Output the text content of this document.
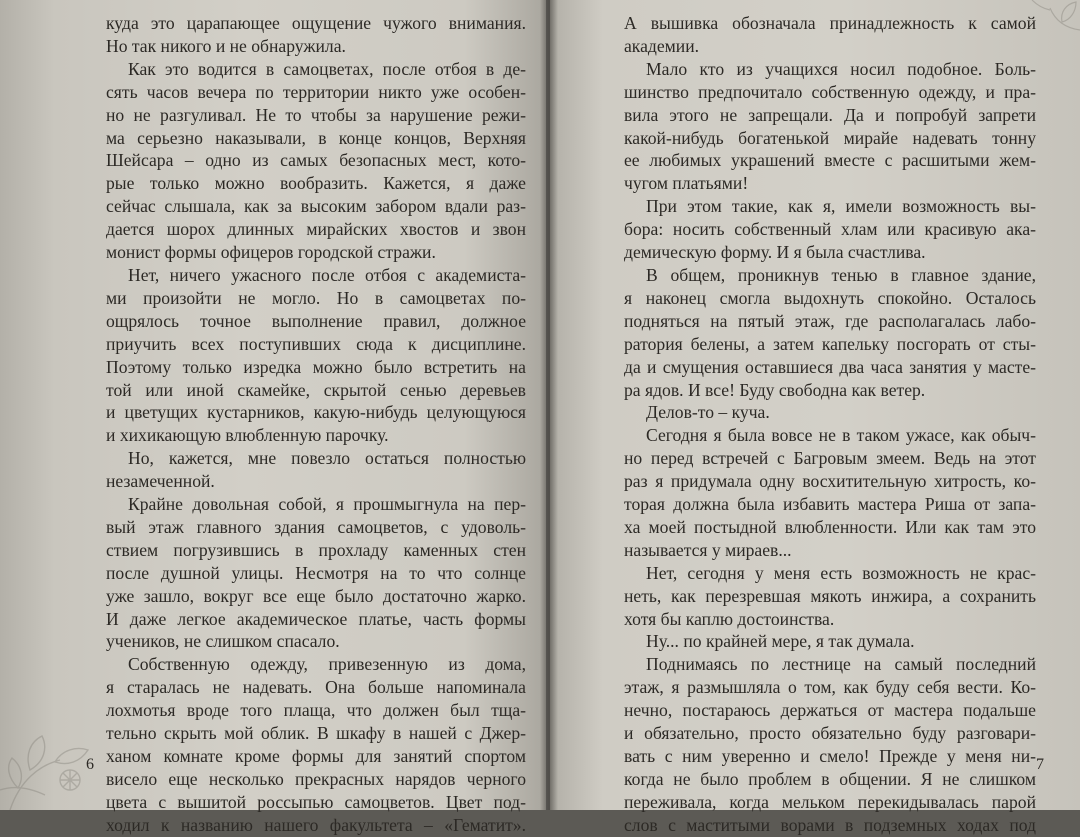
куда это царапающее ощущение чужого внимания.
Но так никого и не обнаружила.
Как это водится в самоцветах, после отбоя в де-
сять часов вечера по территории никто уже особен-
но не разгуливал. Не то чтобы за нарушение режи-
ма серьезно наказывали, в конце концов, Верхняя
Шейсара – одно из самых безопасных мест, кото-
рые только можно вообразить. Кажется, я даже
сейчас слышала, как за высоким забором вдали раз-
дается шорох длинных мирайских хвостов и звон
монист формы офицеров городской стражи.
Нет, ничего ужасного после отбоя с академиста-
ми произойти не могло. Но в самоцветах по-
ощрялось точное выполнение правил, должное
приучить всех поступивших сюда к дисциплине.
Поэтому только изредка можно было встретить на
той или иной скамейке, скрытой сенью деревьев
и цветущих кустарников, какую-нибудь целующуюся
и хихикающую влюбленную парочку.
Но, кажется, мне повезло остаться полностью
незамеченной.
Крайне довольная собой, я прошмыгнула на пер-
вый этаж главного здания самоцветов, с удоволь-
ствием погрузившись в прохладу каменных стен
после душной улицы. Несмотря на то что солнце
уже зашло, вокруг все еще было достаточно жарко.
И даже легкое академическое платье, часть формы
учеников, не слишком спасало.
Собственную одежду, привезенную из дома,
я старалась не надевать. Она больше напоминала
лохмотья вроде того плаща, что должен был тща-
тельно скрыть мой облик. В шкафу в нашей с Джер-
ханом комнате кроме формы для занятий спортом
висело еще несколько прекрасных нарядов черного
цвета с вышитой россыпью самоцветов. Цвет под-
ходил к названию нашего факультета – «Гематит».
6
А вышивка обозначала принадлежность к самой
академии.
Мало кто из учащихся носил подобное. Боль-
шинство предпочитало собственную одежду, и пра-
вила этого не запрещали. Да и попробуй запрети
какой-нибудь богатенькой мирайе надевать тонну
ее любимых украшений вместе с расшитыми жем-
чугом платьями!
При этом такие, как я, имели возможность вы-
бора: носить собственный хлам или красивую ака-
демическую форму. И я была счастлива.
В общем, проникнув тенью в главное здание,
я наконец смогла выдохнуть спокойно. Осталось
подняться на пятый этаж, где располагалась лабо-
ратория белены, а затем капельку посгорать от сты-
да и смущения оставшиеся два часа занятия у масте-
ра ядов. И все! Буду свободна как ветер.
Делов-то – куча.
Сегодня я была вовсе не в таком ужасе, как обыч-
но перед встречей с Багровым змеем. Ведь на этот
раз я придумала одну восхитительную хитрость, ко-
торая должна была избавить мастера Риша от запа-
ха моей постыдной влюбленности. Или как там это
называется у мираев...
Нет, сегодня у меня есть возможность не крас-
неть, как перезревшая мякоть инжира, а сохранить
хотя бы каплю достоинства.
Ну... по крайней мере, я так думала.
Поднимаясь по лестнице на самый последний
этаж, я размышляла о том, как буду себя вести. Ко-
нечно, постараюсь держаться от мастера подальше
и обязательно, просто обязательно буду разговари-
вать с ним уверенно и смело! Прежде у меня ни-
когда не было проблем в общении. Я не слишком
переживала, когда мельком перекидывалась парой
слов с маститыми ворами в подземных ходах под
7
